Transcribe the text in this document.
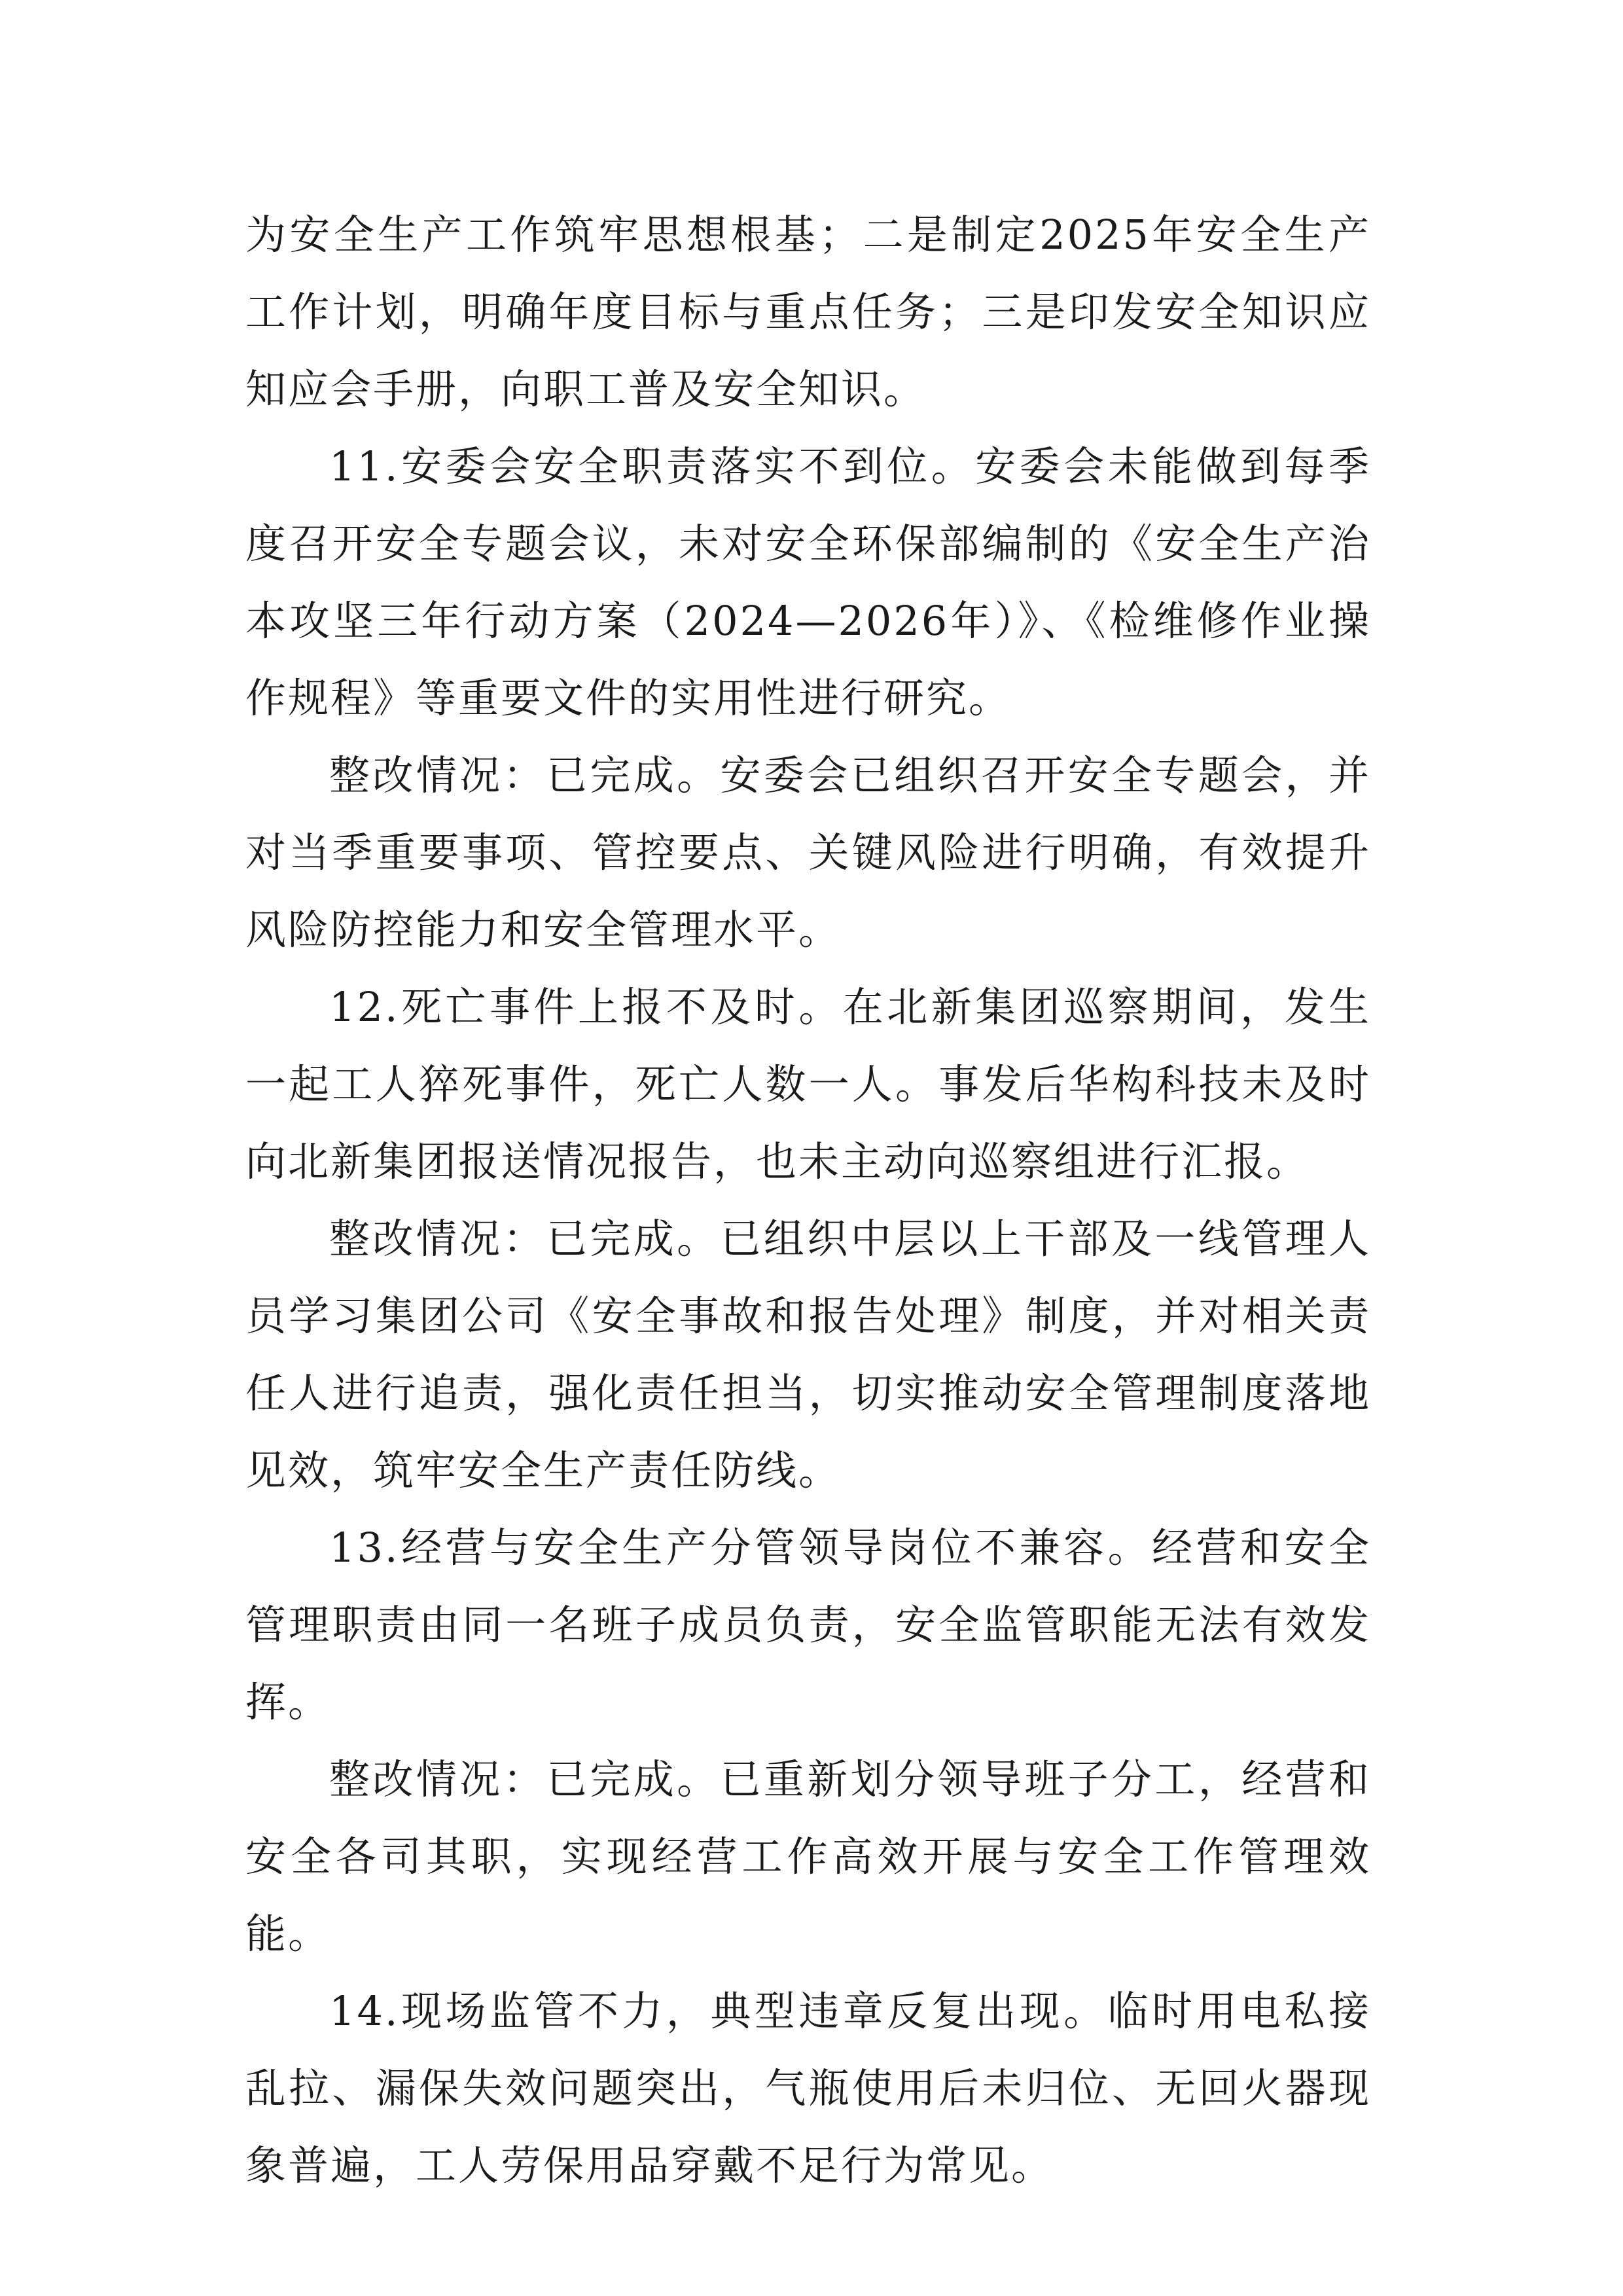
为安全生产工作筑牢思想根基；二是制定2025年安全生产工作计划，明确年度目标与重点任务；三是印发安全知识应知应会手册，向职工普及安全知识。

11.安委会安全职责落实不到位。安委会未能做到每季度召开安全专题会议，未对安全环保部编制的《安全生产治本攻坚三年行动方案（2024—2026年）》、《检维修作业操作规程》等重要文件的实用性进行研究。

整改情况：已完成。安委会已组织召开安全专题会，并对当季重要事项、管控要点、关键风险进行明确，有效提升风险防控能力和安全管理水平。

12.死亡事件上报不及时。在北新集团巡察期间，发生一起工人猝死事件，死亡人数一人。事发后华构科技未及时向北新集团报送情况报告，也未主动向巡察组进行汇报。

整改情况：已完成。已组织中层以上干部及一线管理人员学习集团公司《安全事故和报告处理》制度，并对相关责任人进行追责，强化责任担当，切实推动安全管理制度落地见效，筑牢安全生产责任防线。

13.经营与安全生产分管领导岗位不兼容。经营和安全管理职责由同一名班子成员负责，安全监管职能无法有效发挥。

整改情况：已完成。已重新划分领导班子分工，经营和安全各司其职，实现经营工作高效开展与安全工作管理效能。

14.现场监管不力，典型违章反复出现。临时用电私接乱拉、漏保失效问题突出，气瓶使用后未归位、无回火器现象普遍，工人劳保用品穿戴不足行为常见。
